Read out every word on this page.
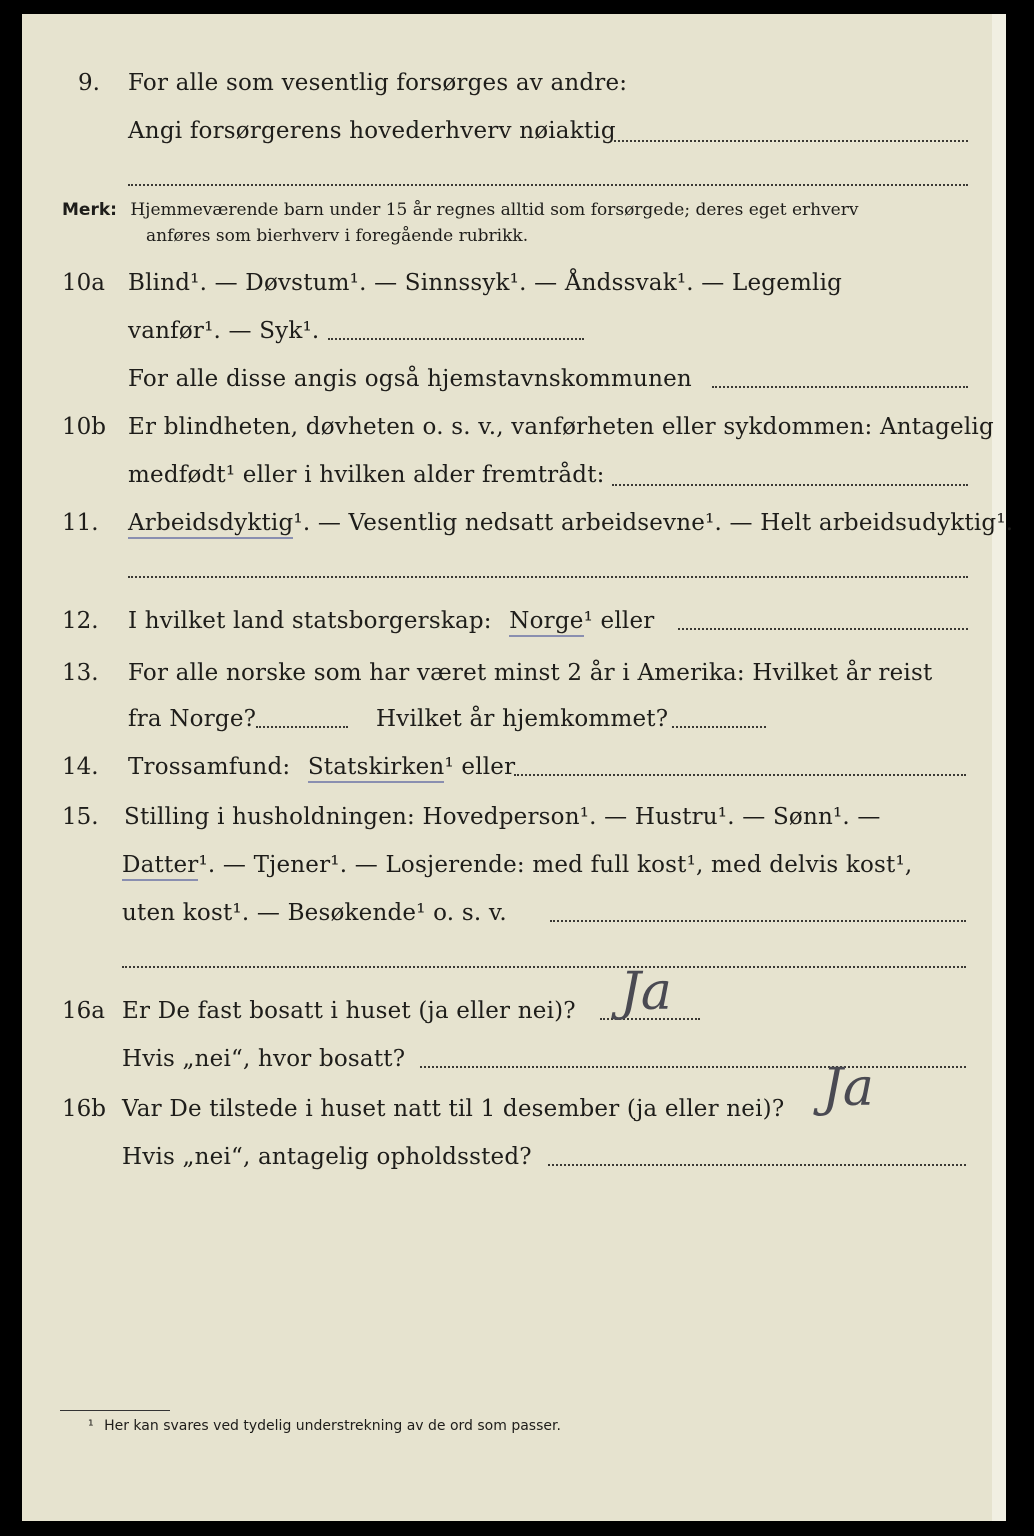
9. For alle som vesentlig forsørges av andre:
Angi forsørgerens hovederhverv nøiaktig
Merk: Hjemmeværende barn under 15 år regnes alltid som forsørgede; deres eget erhverv
anføres som bierhverv i foregående rubrikk.
10a Blind¹. — Døvstum¹. — Sinnssyk¹. — Åndssvak¹. — Legemlig
vanfør¹. — Syk¹.
For alle disse angis også hjemstavnskommunen
10b Er blindheten, døvheten o. s. v., vanførheten eller sykdommen: Antagelig
medfødt¹ eller i hvilken alder fremtrådt:
11. Arbeidsdyktig¹. — Vesentlig nedsatt arbeidsevne¹. — Helt arbeidsudyktig¹.
12. I hvilket land statsborgerskap: Norge¹ eller
13. For alle norske som har været minst 2 år i Amerika: Hvilket år reist
fra Norge?	Hvilket år hjemkommet?
14. Trossamfund: Statskirken¹ eller
15. Stilling i husholdningen: Hovedperson¹. — Hustru¹. — Sønn¹. —
Datter¹. — Tjener¹. — Losjerende: med full kost¹, med delvis kost¹,
uten kost¹. — Besøkende¹ o. s. v.
16a Er De fast bosatt i huset (ja eller nei)? Ja
Hvis „nei“, hvor bosatt?
16b Var De tilstede i huset natt til 1 desember (ja eller nei)? Ja
Hvis „nei“, antagelig opholdssted?
¹ Her kan svares ved tydelig understrekning av de ord som passer.
